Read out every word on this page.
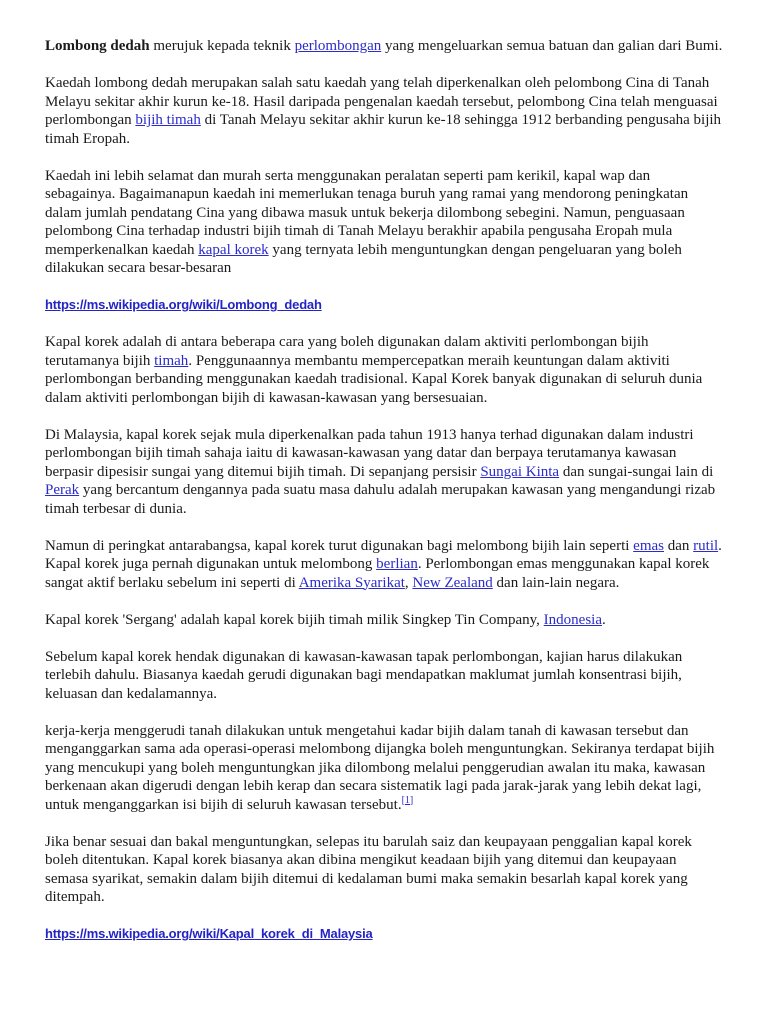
Lombong dedah merujuk kepada teknik perlombongan yang mengeluarkan semua batuan dan galian dari Bumi.

Kaedah lombong dedah merupakan salah satu kaedah yang telah diperkenalkan oleh pelombong Cina di Tanah Melayu sekitar akhir kurun ke-18. Hasil daripada pengenalan kaedah tersebut, pelombong Cina telah menguasai perlombongan bijih timah di Tanah Melayu sekitar akhir kurun ke-18 sehingga 1912 berbanding pengusaha bijih timah Eropah.

Kaedah ini lebih selamat dan murah serta menggunakan peralatan seperti pam kerikil, kapal wap dan sebagainya. Bagaimanapun kaedah ini memerlukan tenaga buruh yang ramai yang mendorong peningkatan dalam jumlah pendatang Cina yang dibawa masuk untuk bekerja dilombong sebegini. Namun, penguasaan pelombong Cina terhadap industri bijih timah di Tanah Melayu berakhir apabila pengusaha Eropah mula memperkenalkan kaedah kapal korek yang ternyata lebih menguntungkan dengan pengeluaran yang boleh dilakukan secara besar-besaran

https://ms.wikipedia.org/wiki/Lombong_dedah

Kapal korek adalah di antara beberapa cara yang boleh digunakan dalam aktiviti perlombongan bijih terutamanya bijih timah. Penggunaannya membantu mempercepatkan meraih keuntungan dalam aktiviti perlombongan berbanding menggunakan kaedah tradisional. Kapal Korek banyak digunakan di seluruh dunia dalam aktiviti perlombongan bijih di kawasan-kawasan yang bersesuaian.

Di Malaysia, kapal korek sejak mula diperkenalkan pada tahun 1913 hanya terhad digunakan dalam industri perlombongan bijih timah sahaja iaitu di kawasan-kawasan yang datar dan berpaya terutamanya kawasan berpasir dipesisir sungai yang ditemui bijih timah. Di sepanjang persisir Sungai Kinta dan sungai-sungai lain di Perak yang bercantum dengannya pada suatu masa dahulu adalah merupakan kawasan yang mengandungi rizab timah terbesar di dunia.

Namun di peringkat antarabangsa, kapal korek turut digunakan bagi melombong bijih lain seperti emas dan rutil. Kapal korek juga pernah digunakan untuk melombong berlian. Perlombongan emas menggunakan kapal korek sangat aktif berlaku sebelum ini seperti di Amerika Syarikat, New Zealand dan lain-lain negara.

Kapal korek 'Sergang' adalah kapal korek bijih timah milik Singkep Tin Company, Indonesia.

Sebelum kapal korek hendak digunakan di kawasan-kawasan tapak perlombongan, kajian harus dilakukan terlebih dahulu. Biasanya kaedah gerudi digunakan bagi mendapatkan maklumat jumlah konsentrasi bijih, keluasan dan kedalamannya.

kerja-kerja menggerudi tanah dilakukan untuk mengetahui kadar bijih dalam tanah di kawasan tersebut dan menganggarkan sama ada operasi-operasi melombong dijangka boleh menguntungkan. Sekiranya terdapat bijih yang mencukupi yang boleh menguntungkan jika dilombong melalui penggerudian awalan itu maka, kawasan berkenaan akan digerudi dengan lebih kerap dan secara sistematik lagi pada jarak-jarak yang lebih dekat lagi, untuk menganggarkan isi bijih di seluruh kawasan tersebut.[1]

Jika benar sesuai dan bakal menguntungkan, selepas itu barulah saiz dan keupayaan penggalian kapal korek boleh ditentukan. Kapal korek biasanya akan dibina mengikut keadaan bijih yang ditemui dan keupayaan semasa syarikat, semakin dalam bijih ditemui di kedalaman bumi maka semakin besarlah kapal korek yang ditempah.

https://ms.wikipedia.org/wiki/Kapal_korek_di_Malaysia
